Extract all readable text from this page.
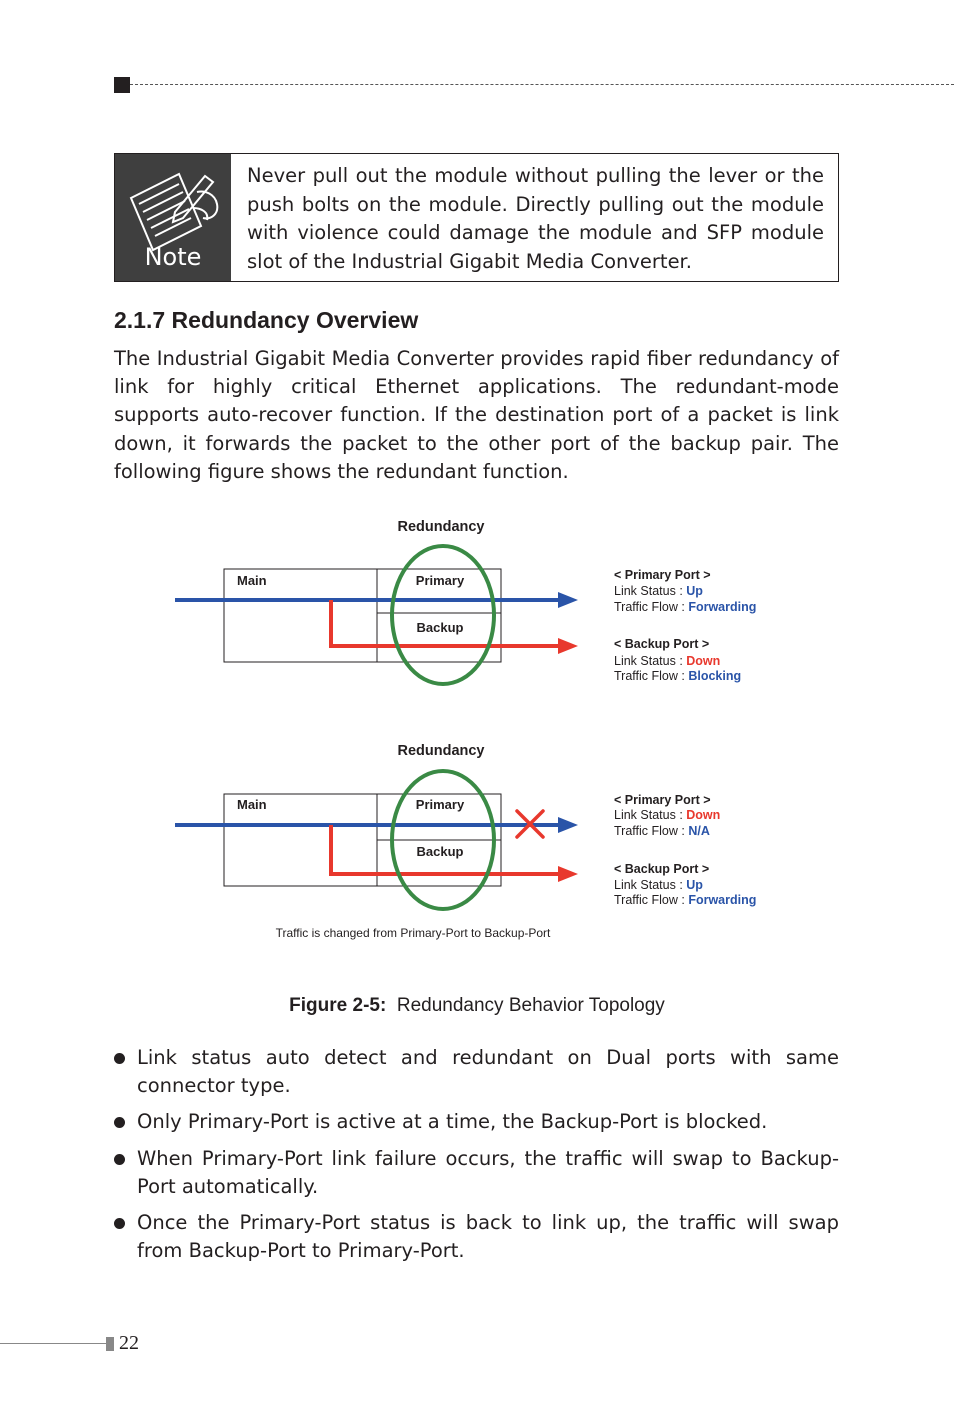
Note
Never pull out the module without pulling the lever or the push bolts on the module. Directly pulling out the module with violence could damage the module and SFP module slot of the Industrial Gigabit Media Converter.
2.1.7 Redundancy Overview

The Industrial Gigabit Media Converter provides rapid fiber redundancy of link for highly critical Ethernet applications. The redundant-mode supports auto-recover function. If the destination port of a packet is link down, it forwards the packet to the other port of the backup pair. The following figure shows the redundant function.

Redundancy
Main	Primary
Backup
< Primary Port >
Link Status : Up
Traffic Flow : Forwarding
< Backup Port >
Link Status : Down
Traffic Flow : Blocking
Redundancy
Main	Primary
Backup
< Primary Port >
Link Status : Down
Traffic Flow : N/A
< Backup Port >
Link Status : Up
Traffic Flow : Forwarding
Traffic is changed from Primary-Port to Backup-Port
Figure 2-5: Redundancy Behavior Topology
Link status auto detect and redundant on Dual ports with same connector type.
Only Primary-Port is active at a time, the Backup-Port is blocked.
When Primary-Port link failure occurs, the traffic will swap to Backup-Port automatically.
Once the Primary-Port status is back to link up, the traffic will swap from Backup-Port to Primary-Port.
22
